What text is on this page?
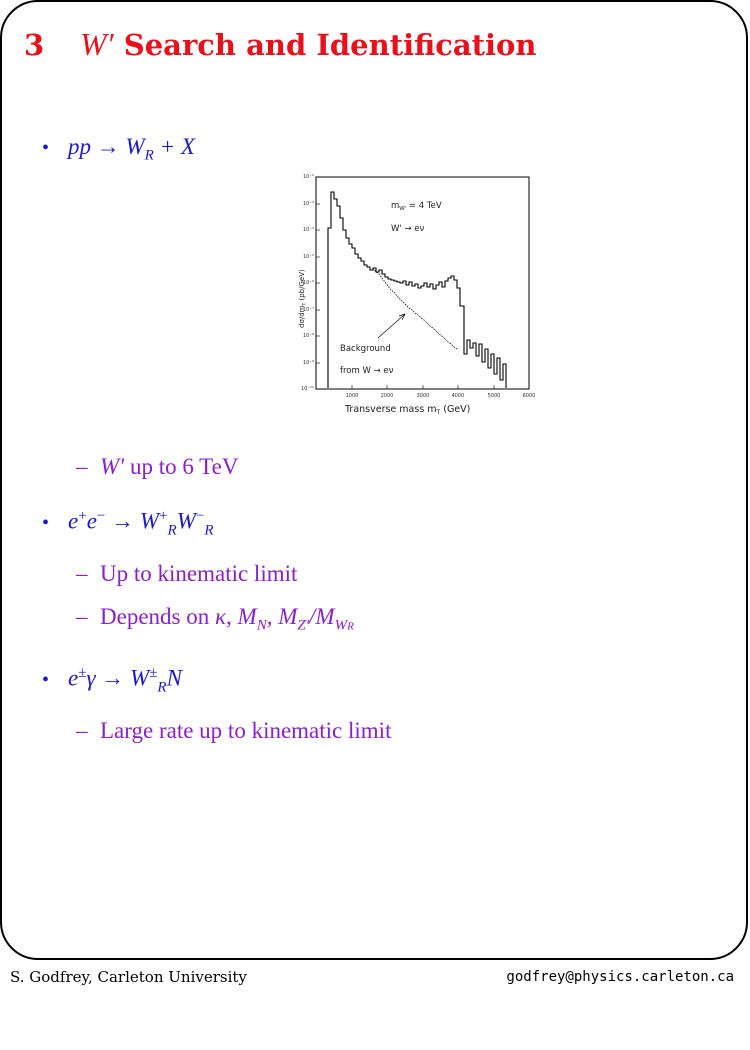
3 W′ Search and Identification
• pp → $W_R + X$
10⁻²
10⁻³
10⁻⁴
10⁻⁵
10⁻⁶
10⁻⁷
10⁻⁸
10⁻⁹
10⁻¹⁰
1000	2000	3000	4000	5000	6000
$m_{W'} = 4$ TeV
W' → eν
Background
from W → eν
Transverse mass $m_T$ (GeV)
$d\sigma/dm_T$ (pb/GeV)
– W′ up to 6 TeV
• $e^+e^- \to W^+_RW^-_R$
– Up to kinematic limit
– Depends on κ, $M_N$, $M_{Z'}/M_{WR}$
• $e^\pm\gamma \to W^\pm_RN$
– Large rate up to kinematic limit
S. Godfrey, Carleton University	godfrey@physics.carleton.ca
